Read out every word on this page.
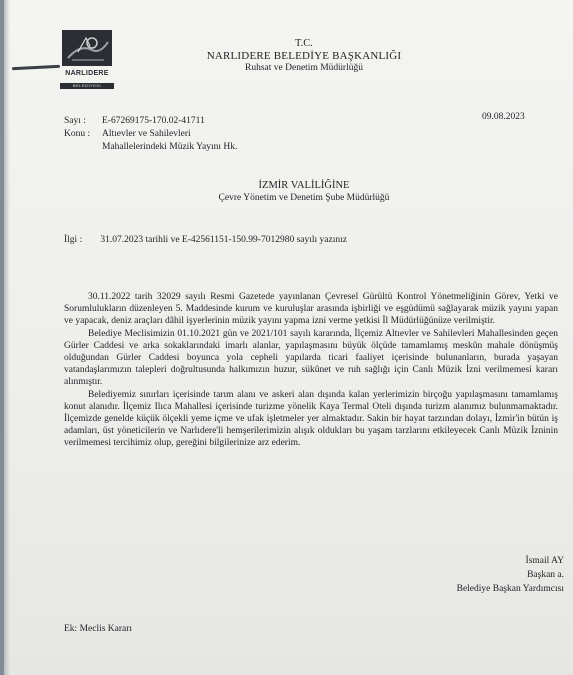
NARLIDERE
BELEDİYESİ
T.C.
NARLIDERE BELEDİYE BAŞKANLIĞI
Ruhsat ve Denetim Müdürlüğü
Sayı : E-67269175-170.02-41711
Konu : Altıevler ve Sahilevleri
Mahallelerindeki Müzik Yayını Hk.
09.08.2023
İZMİR VALİLİĞİNE
Çevre Yönetim ve Denetim Şube Müdürlüğü
İlgi : 31.07.2023 tarihli ve E-42561151-150.99-7012980 sayılı yazınız

30.11.2022 tarih 32029 sayılı Resmi Gazetede yayınlanan Çevresel Gürültü Kontrol Yönetmeliğinin Görev, Yetki ve Sorumlulukların düzenleyen 5. Maddesinde kurum ve kuruluşlar arasında işbirliği ve eşgüdümü sağlayarak müzik yayını yapan ve yapacak, deniz araçları dâhil işyerlerinin müzik yayını yapma izni verme yetkisi İl Müdürlüğünüze verilmiştir.

Belediye Meclisimizin 01.10.2021 gün ve 2021/101 sayılı kararında, İlçemiz Altıevler ve Sahilevleri Mahallesinden geçen Gürler Caddesi ve arka sokaklarındaki imarlı alanlar, yapılaşmasını büyük ölçüde tamamlamış meskûn mahale dönüşmüş olduğundan Gürler Caddesi boyunca yola cepheli yapılarda ticari faaliyet içerisinde bulunanların, burada yaşayan vatandaşlarımızın talepleri doğrultusunda halkımızın huzur, sükûnet ve ruh sağlığı için Canlı Müzik İzni verilmemesi kararı alınmıştır.

Belediyemiz sınırları içerisinde tarım alanı ve askeri alan dışında kalan yerlerimizin birçoğu yapılaşmasını tamamlamış konut alanıdır. İlçemiz Ilıca Mahallesi içerisinde turizme yönelik Kaya Termal Oteli dışında turizm alanımız bulunmamaktadır. İlçemizde genelde küçük ölçekli yeme içme ve ufak işletmeler yer almaktadır. Sakin bir hayat tarzından dolayı, İzmir'in bütün iş adamları, üst yöneticilerin ve Narlıdere'li hemşerilerimizin alışık oldukları bu yaşam tarzlarını etkileyecek Canlı Müzik İzninin verilmemesi tercihimiz olup, gereğini bilgilerinize arz ederim.

İsmail AY
Başkan a.
Belediye Başkan Yardımcısı
Ek: Meclis Kararı
